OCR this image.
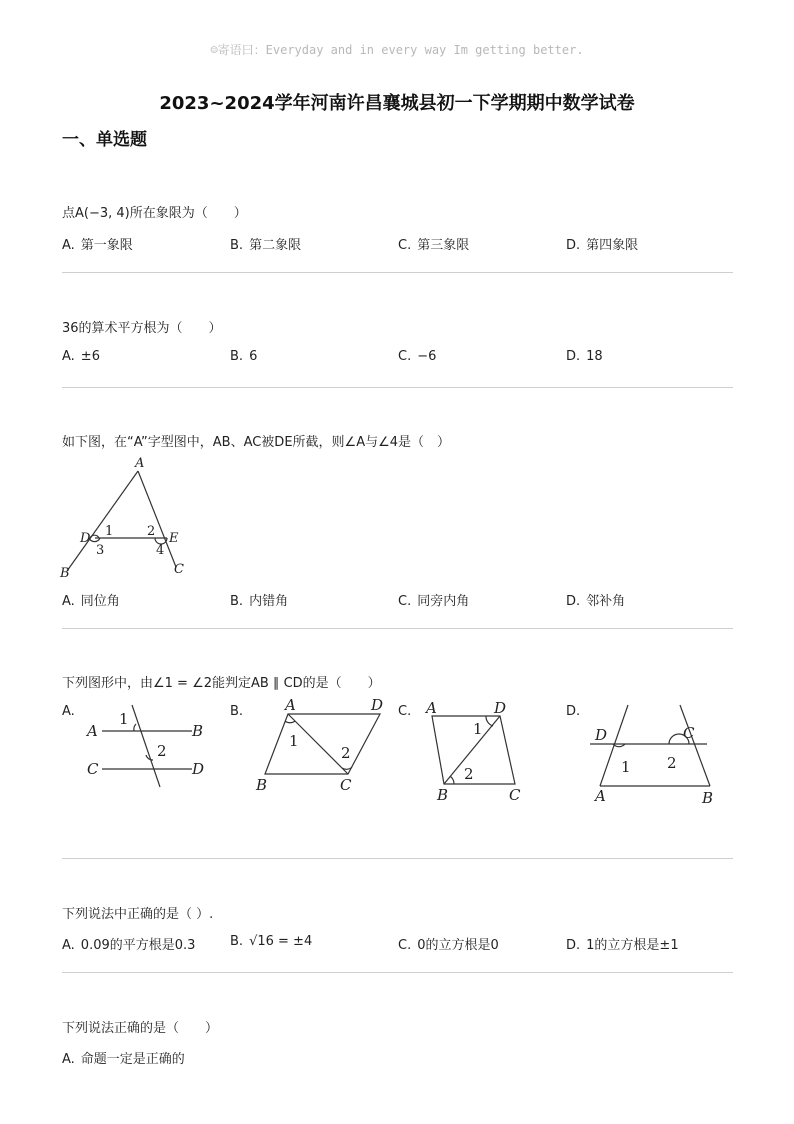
☺寄语曰：Everyday and in every way Im getting better.
2023~2024学年河南许昌襄城县初一下学期期中数学试卷
一、单选题
点A(−3, 4)所在象限为（　　）
A. 第一象限	B. 第二象限	C. 第三象限	D. 第四象限
36的算术平方根为（　　）
A. ±6	B. 6	C. −6	D. 18
如下图，在“A”字型图中，AB、AC被DE所截，则∠A与∠4是（　）
A
B	C
D	E
1	2
3	4
A. 同位角	B. 内错角	C. 同旁内角	D. 邻补角
下列图形中，由∠1 = ∠2能判定AB ∥ CD的是（　　）
A.
A	B
C	D
1
2
B.	A	D
B	C
1
2
C. A	D
B	C
1
2
D.
D	C
A	B
1 2
下列说法中正确的是（ ）.
A. 0.09的平方根是0.3	B. √16 = ±4	C. 0的立方根是0	D. 1的立方根是±1
下列说法正确的是（　　）
A. 命题一定是正确的
